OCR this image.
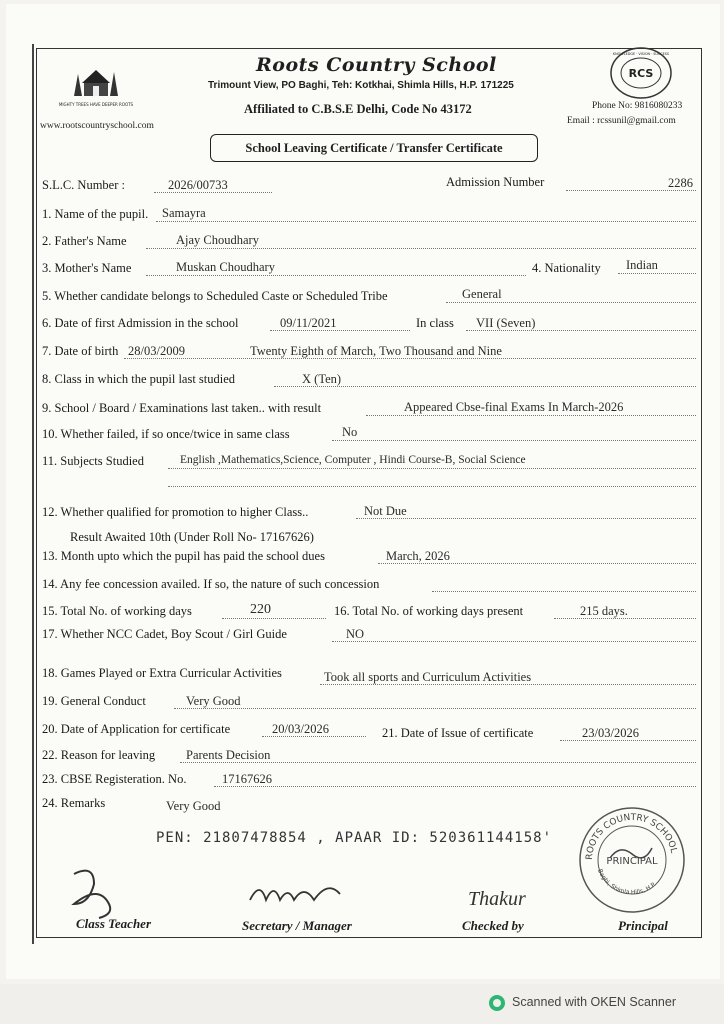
MIGHTY TREES HAVE DEEPER ROOTS
Roots Country School
Trimount View, PO Baghi, Teh: Kotkhai, Shimla Hills, H.P. 171225
Affiliated to C.B.S.E Delhi, Code No 43172
www.rootscountryschool.com
Phone No: 9816080233
Email : rcssunil@gmail.com
RCS
KNOWLEDGE · VISION · SUCCESS
School Leaving Certificate / Transfer Certificate
S.L.C. Number :	2026/00733	Admission Number	2286
1. Name of the pupil. Samayra
2. Father's Name	Ajay Choudhary
3. Mother's Name	Muskan Choudhary	4. Nationality Indian
5. Whether candidate belongs to Scheduled Caste or Scheduled Tribe	General
6. Date of first Admission in the school	09/11/2021	In class VII (Seven)
7. Date of birth 28/03/2009	Twenty Eighth of March, Two Thousand and Nine
8. Class in which the pupil last studied	X (Ten)
9. School / Board / Examinations last taken.. with result	Appeared Cbse-final Exams In March-2026
10. Whether failed, if so once/twice in same class	No
11. Subjects Studied	English ,Mathematics,Science, Computer , Hindi Course-B, Social Science
12. Whether qualified for promotion to higher Class..	Not Due
Result Awaited 10th (Under Roll No- 17167626)
13. Month upto which the pupil has paid the school dues	March, 2026
14. Any fee concession availed. If so, the nature of such concession
15. Total No. of working days	220	16. Total No. of working days present	215 days.
17. Whether NCC Cadet, Boy Scout / Girl Guide	NO
18. Games Played or Extra Curricular Activities	Took all sports and Curriculum Activities
19. General Conduct	Very Good
20. Date of Application for certificate	20/03/2026	21. Date of Issue of certificate	23/03/2026
22. Reason for leaving Parents Decision
23. CBSE Registeration. No.	17167626
24. Remarks	Very Good
PEN: 21807478854 , APAAR ID: 520361144158'
ROOTS COUNTRY SCHOOL
PRINCIPAL
Baghi, Shimla Hills, H.P.
Thakur
Class Teacher	Secretary / Manager	Checked by	Principal
Scanned with OKEN Scanner
